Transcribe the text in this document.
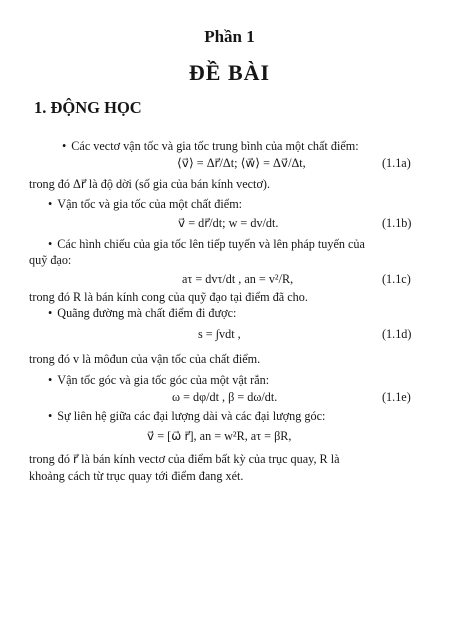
Phần 1
ĐỀ BÀI
1. ĐỘNG HỌC
• Các vectơ vận tốc và gia tốc trung bình của một chất điểm:
⟨v⃗⟩ = Δr⃗/Δt; ⟨w⃗⟩ = Δv⃗/Δt,	(1.1a)
trong đó Δr⃗ là độ dời (số gia của bán kính vectơ).
• Vận tốc và gia tốc của một chất điểm:
v⃗ = dr⃗/dt; w = dv/dt.	(1.1b)
• Các hình chiếu của gia tốc lên tiếp tuyến và lên pháp tuyến của
quỹ đạo:
aτ = dvτ/dt , an = v²/R,	(1.1c)
trong đó R là bán kính cong của quỹ đạo tại điểm đã cho.
• Quãng đường mà chất điểm đi được:
s = ∫vdt ,	(1.1d)
trong đó v là môđun của vận tốc của chất điểm.
• Vận tốc góc và gia tốc góc của một vật rắn:
ω = dφ/dt , β = dω/dt.	(1.1e)
• Sự liên hệ giữa các đại lượng dài và các đại lượng góc:
v⃗ = [ω⃗ r⃗], an = w²R, aτ = βR,
trong đó r⃗ là bán kính vectơ của điểm bất kỳ của trục quay, R là
khoảng cách từ trục quay tới điểm đang xét.
